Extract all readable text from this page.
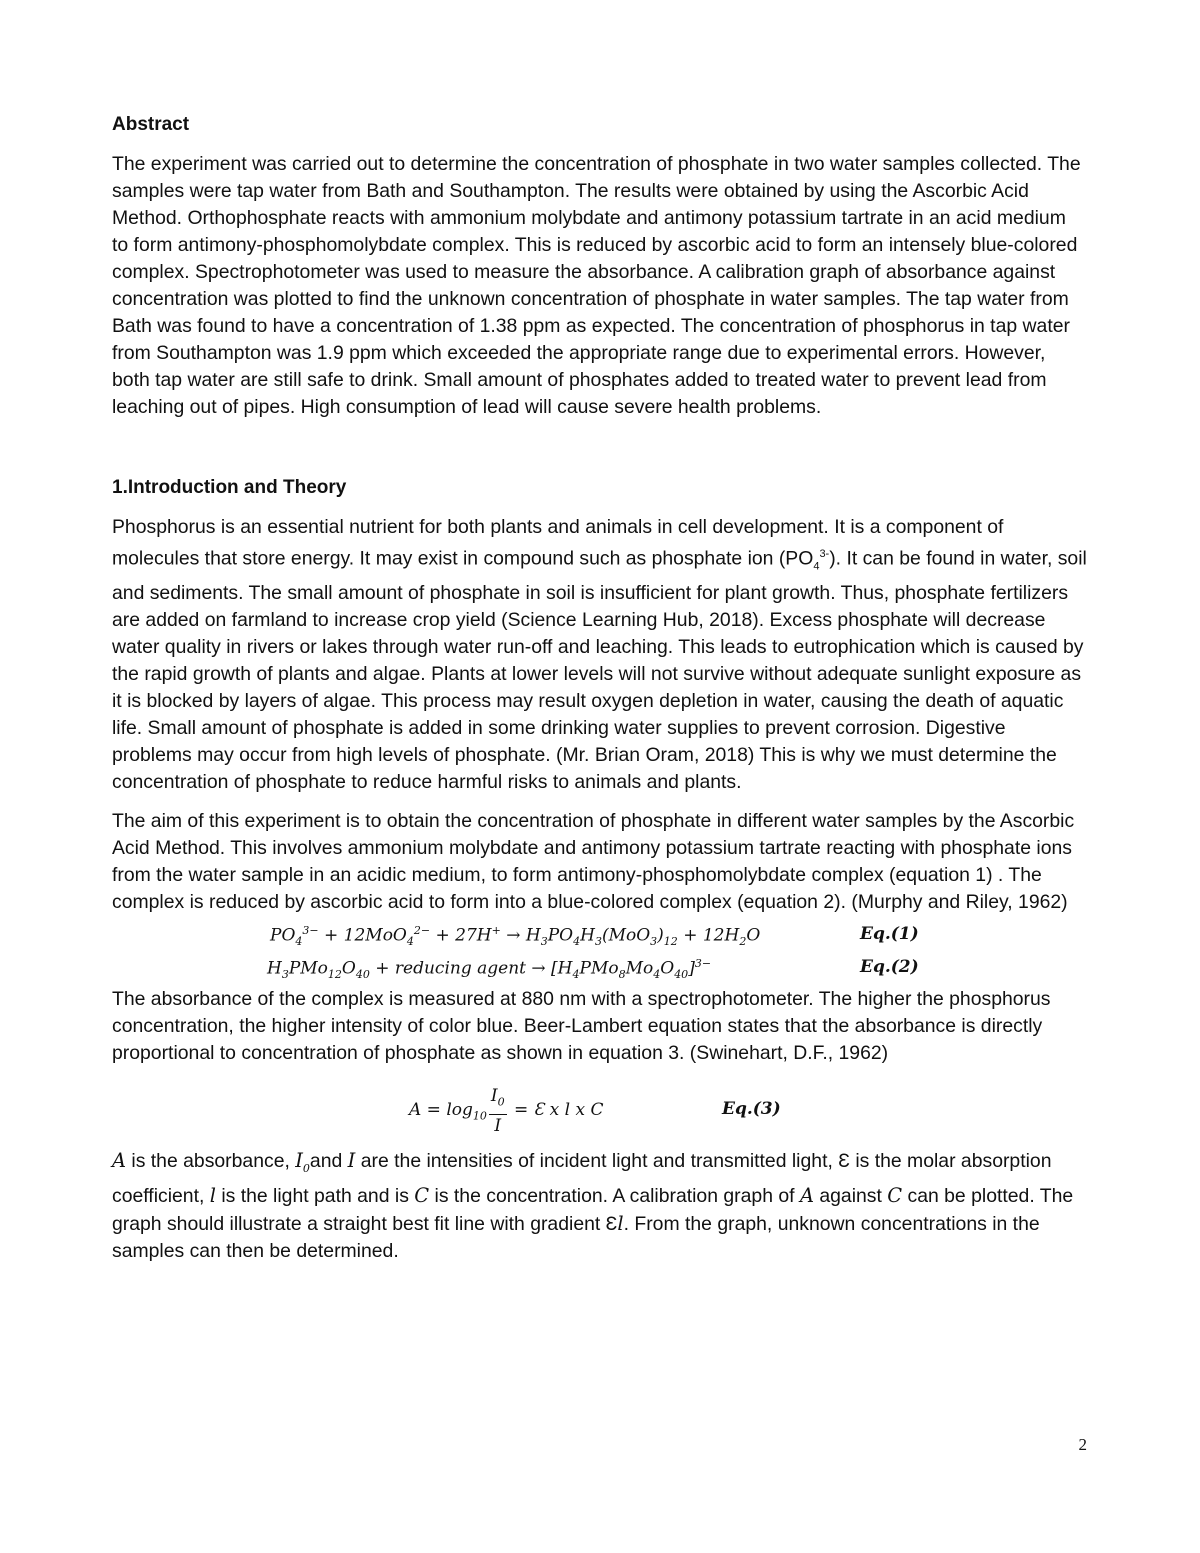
Abstract

The experiment was carried out to determine the concentration of phosphate in two water samples collected. The samples were tap water from Bath and Southampton. The results were obtained by using the Ascorbic Acid Method. Orthophosphate reacts with ammonium molybdate and antimony potassium tartrate in an acid medium to form antimony-phosphomolybdate complex. This is reduced by ascorbic acid to form an intensely blue-colored complex. Spectrophotometer was used to measure the absorbance. A calibration graph of absorbance against concentration was plotted to find the unknown concentration of phosphate in water samples. The tap water from Bath was found to have a concentration of 1.38 ppm as expected. The concentration of phosphorus in tap water from Southampton was 1.9 ppm which exceeded the appropriate range due to experimental errors. However, both tap water are still safe to drink. Small amount of phosphates added to treated water to prevent lead from leaching out of pipes. High consumption of lead will cause severe health problems.

1.Introduction and Theory

Phosphorus is an essential nutrient for both plants and animals in cell development. It is a component of molecules that store energy. It may exist in compound such as phosphate ion $(PO_4^{3-})$. It can be found in water, soil and sediments. The small amount of phosphate in soil is insufficient for plant growth. Thus, phosphate fertilizers are added on farmland to increase crop yield (Science Learning Hub, 2018). Excess phosphate will decrease water quality in rivers or lakes through water run-off and leaching. This leads to eutrophication which is caused by the rapid growth of plants and algae. Plants at lower levels will not survive without adequate sunlight exposure as it is blocked by layers of algae. This process may result oxygen depletion in water, causing the death of aquatic life. Small amount of phosphate is added in some drinking water supplies to prevent corrosion. Digestive problems may occur from high levels of phosphate. (Mr. Brian Oram, 2018) This is why we must determine the concentration of phosphate to reduce harmful risks to animals and plants.

The aim of this experiment is to obtain the concentration of phosphate in different water samples by the Ascorbic Acid Method. This involves ammonium molybdate and antimony potassium tartrate reacting with phosphate ions from the water sample in an acidic medium, to form antimony-phosphomolybdate complex (equation 1) . The complex is reduced by ascorbic acid to form into a blue-colored complex (equation 2). (Murphy and Riley, 1962)

$PO_4^{3-} + 12MoO_4^{2-} + 27H^+ \to H_3PO_4H_3(MoO_3)_{12} + 12H_2O$	Eq.(1)
$H_3PMo_{12}O_{40}$ + reducing agent → $[H_4PMo_8Mo_4O_{40}]^{3-}$	Eq.(2)

The absorbance of the complex is measured at 880 nm with a spectrophotometer. The higher the phosphorus concentration, the higher intensity of color blue. Beer-Lambert equation states that the absorbance is directly proportional to concentration of phosphate as shown in equation 3. (Swinehart, D.F., 1962)

$A = \log_{10} \frac{I_0}{I}$ = Ɛ x l x C	Eq.(3)

A is the absorbance, $I_0and$ I are the intensities of incident light and transmitted light, Ɛ is the molar absorption coefficient, l is the light path and is C is the concentration. A calibration graph of A against C can be plotted. The graph should illustrate a straight best fit line with gradient Ɛl. From the graph, unknown concentrations in the samples can then be determined.

2
